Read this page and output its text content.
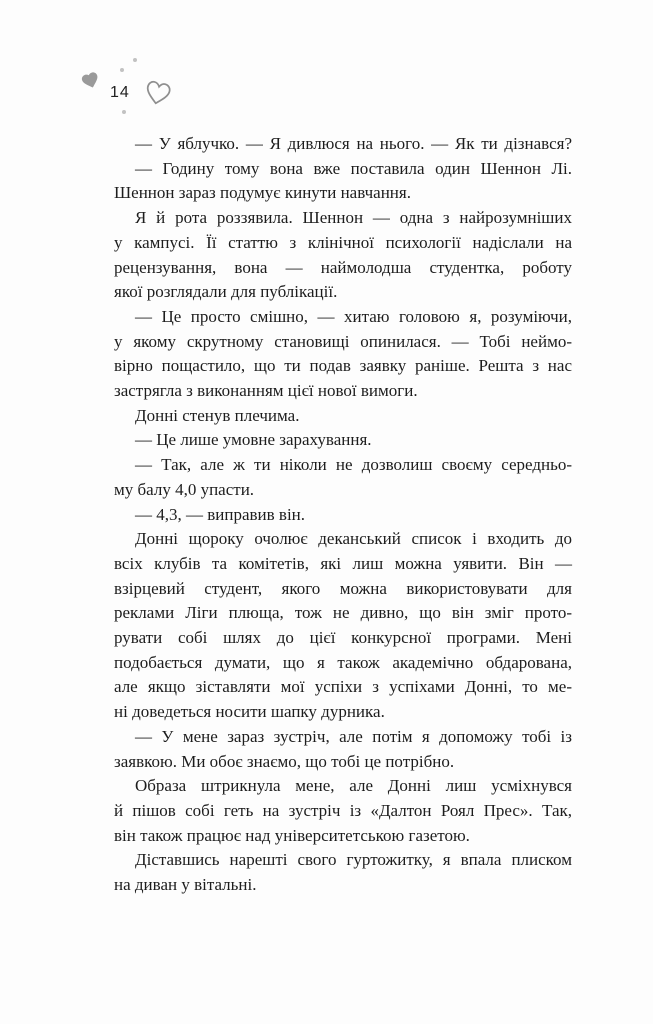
14
— У яблучко. — Я дивлюся на нього. — Як ти дізнався?
— Годину тому вона вже поставила один Шеннон Лі.
Шеннон зараз подумує кинути навчання.
Я й рота роззявила. Шеннон — одна з найрозумніших
у кампусі. Її статтю з клінічної психології надіслали на
рецензування, вона — наймолодша студентка, роботу
якої розглядали для публікації.
— Це просто смішно, — хитаю головою я, розуміючи,
у якому скрутному становищі опинилася. — Тобі неймо-
вірно пощастило, що ти подав заявку раніше. Решта з нас
застрягла з виконанням цієї нової вимоги.
Донні стенув плечима.
— Це лише умовне зарахування.
— Так, але ж ти ніколи не дозволиш своєму середньо-
му балу 4,0 упасти.
— 4,3, — виправив він.
Донні щороку очолює деканський список і входить до
всіх клубів та комітетів, які лиш можна уявити. Він —
взірцевий студент, якого можна використовувати для
реклами Ліги плюща, тож не дивно, що він зміг прото-
рувати собі шлях до цієї конкурсної програми. Мені
подобається думати, що я також академічно обдарована,
але якщо зіставляти мої успіхи з успіхами Донні, то ме-
ні доведеться носити шапку дурника.
— У мене зараз зустріч, але потім я допоможу тобі із
заявкою. Ми обоє знаємо, що тобі це потрібно.
Образа штрикнула мене, але Донні лиш усміхнувся
й пішов собі геть на зустріч із «Далтон Роял Прес». Так,
він також працює над університетською газетою.
Діставшись нарешті свого гуртожитку, я впала плиском
на диван у вітальні.
